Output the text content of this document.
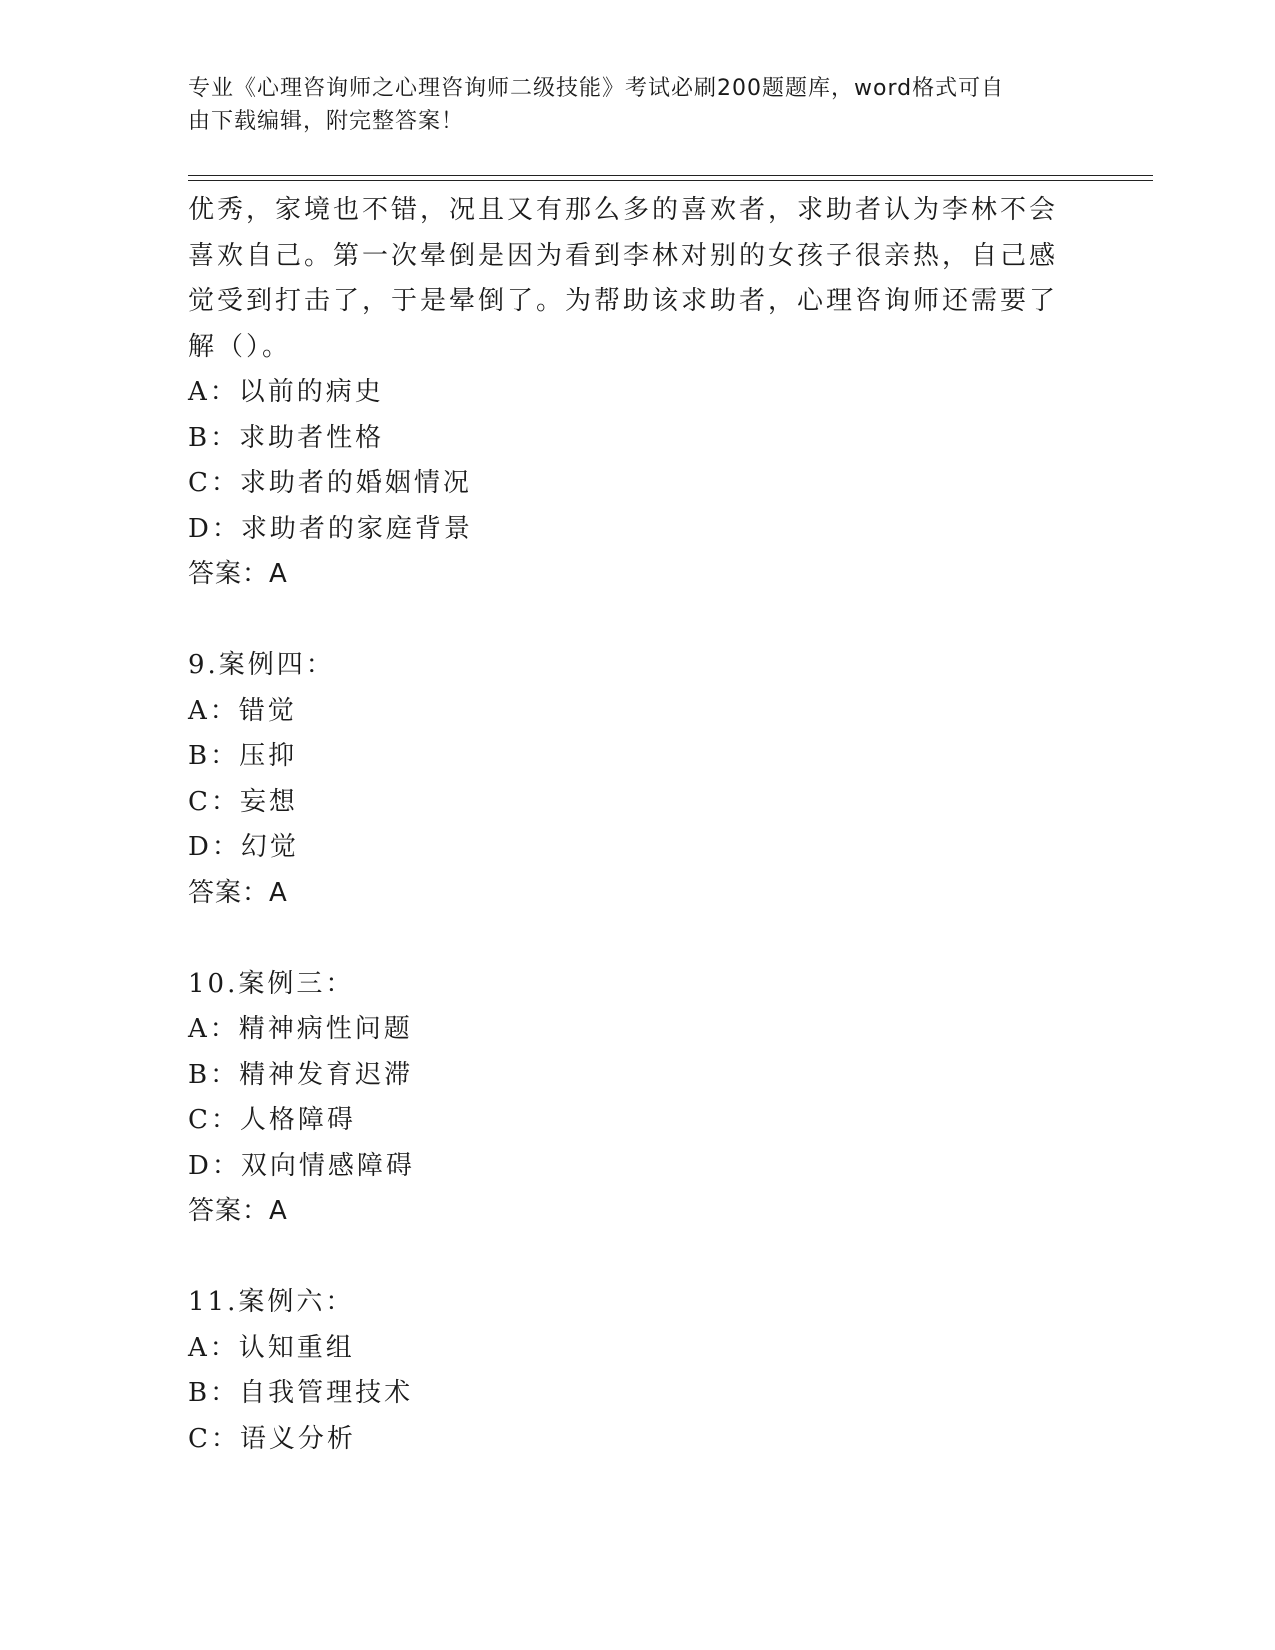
专业《心理咨询师之心理咨询师二级技能》考试必刷200题题库，word格式可自
由下载编辑，附完整答案！
优秀，家境也不错，况且又有那么多的喜欢者，求助者认为李林不会
喜欢自己。第一次晕倒是因为看到李林对别的女孩子很亲热，自己感
觉受到打击了，于是晕倒了。为帮助该求助者，心理咨询师还需要了
解（）。
A：以前的病史
B：求助者性格
C：求助者的婚姻情况
D：求助者的家庭背景
答案：A
9.案例四：
A：错觉
B：压抑
C：妄想
D：幻觉
答案：A
10.案例三：
A：精神病性问题
B：精神发育迟滞
C：人格障碍
D：双向情感障碍
答案：A
11.案例六：
A：认知重组
B：自我管理技术
C：语义分析
